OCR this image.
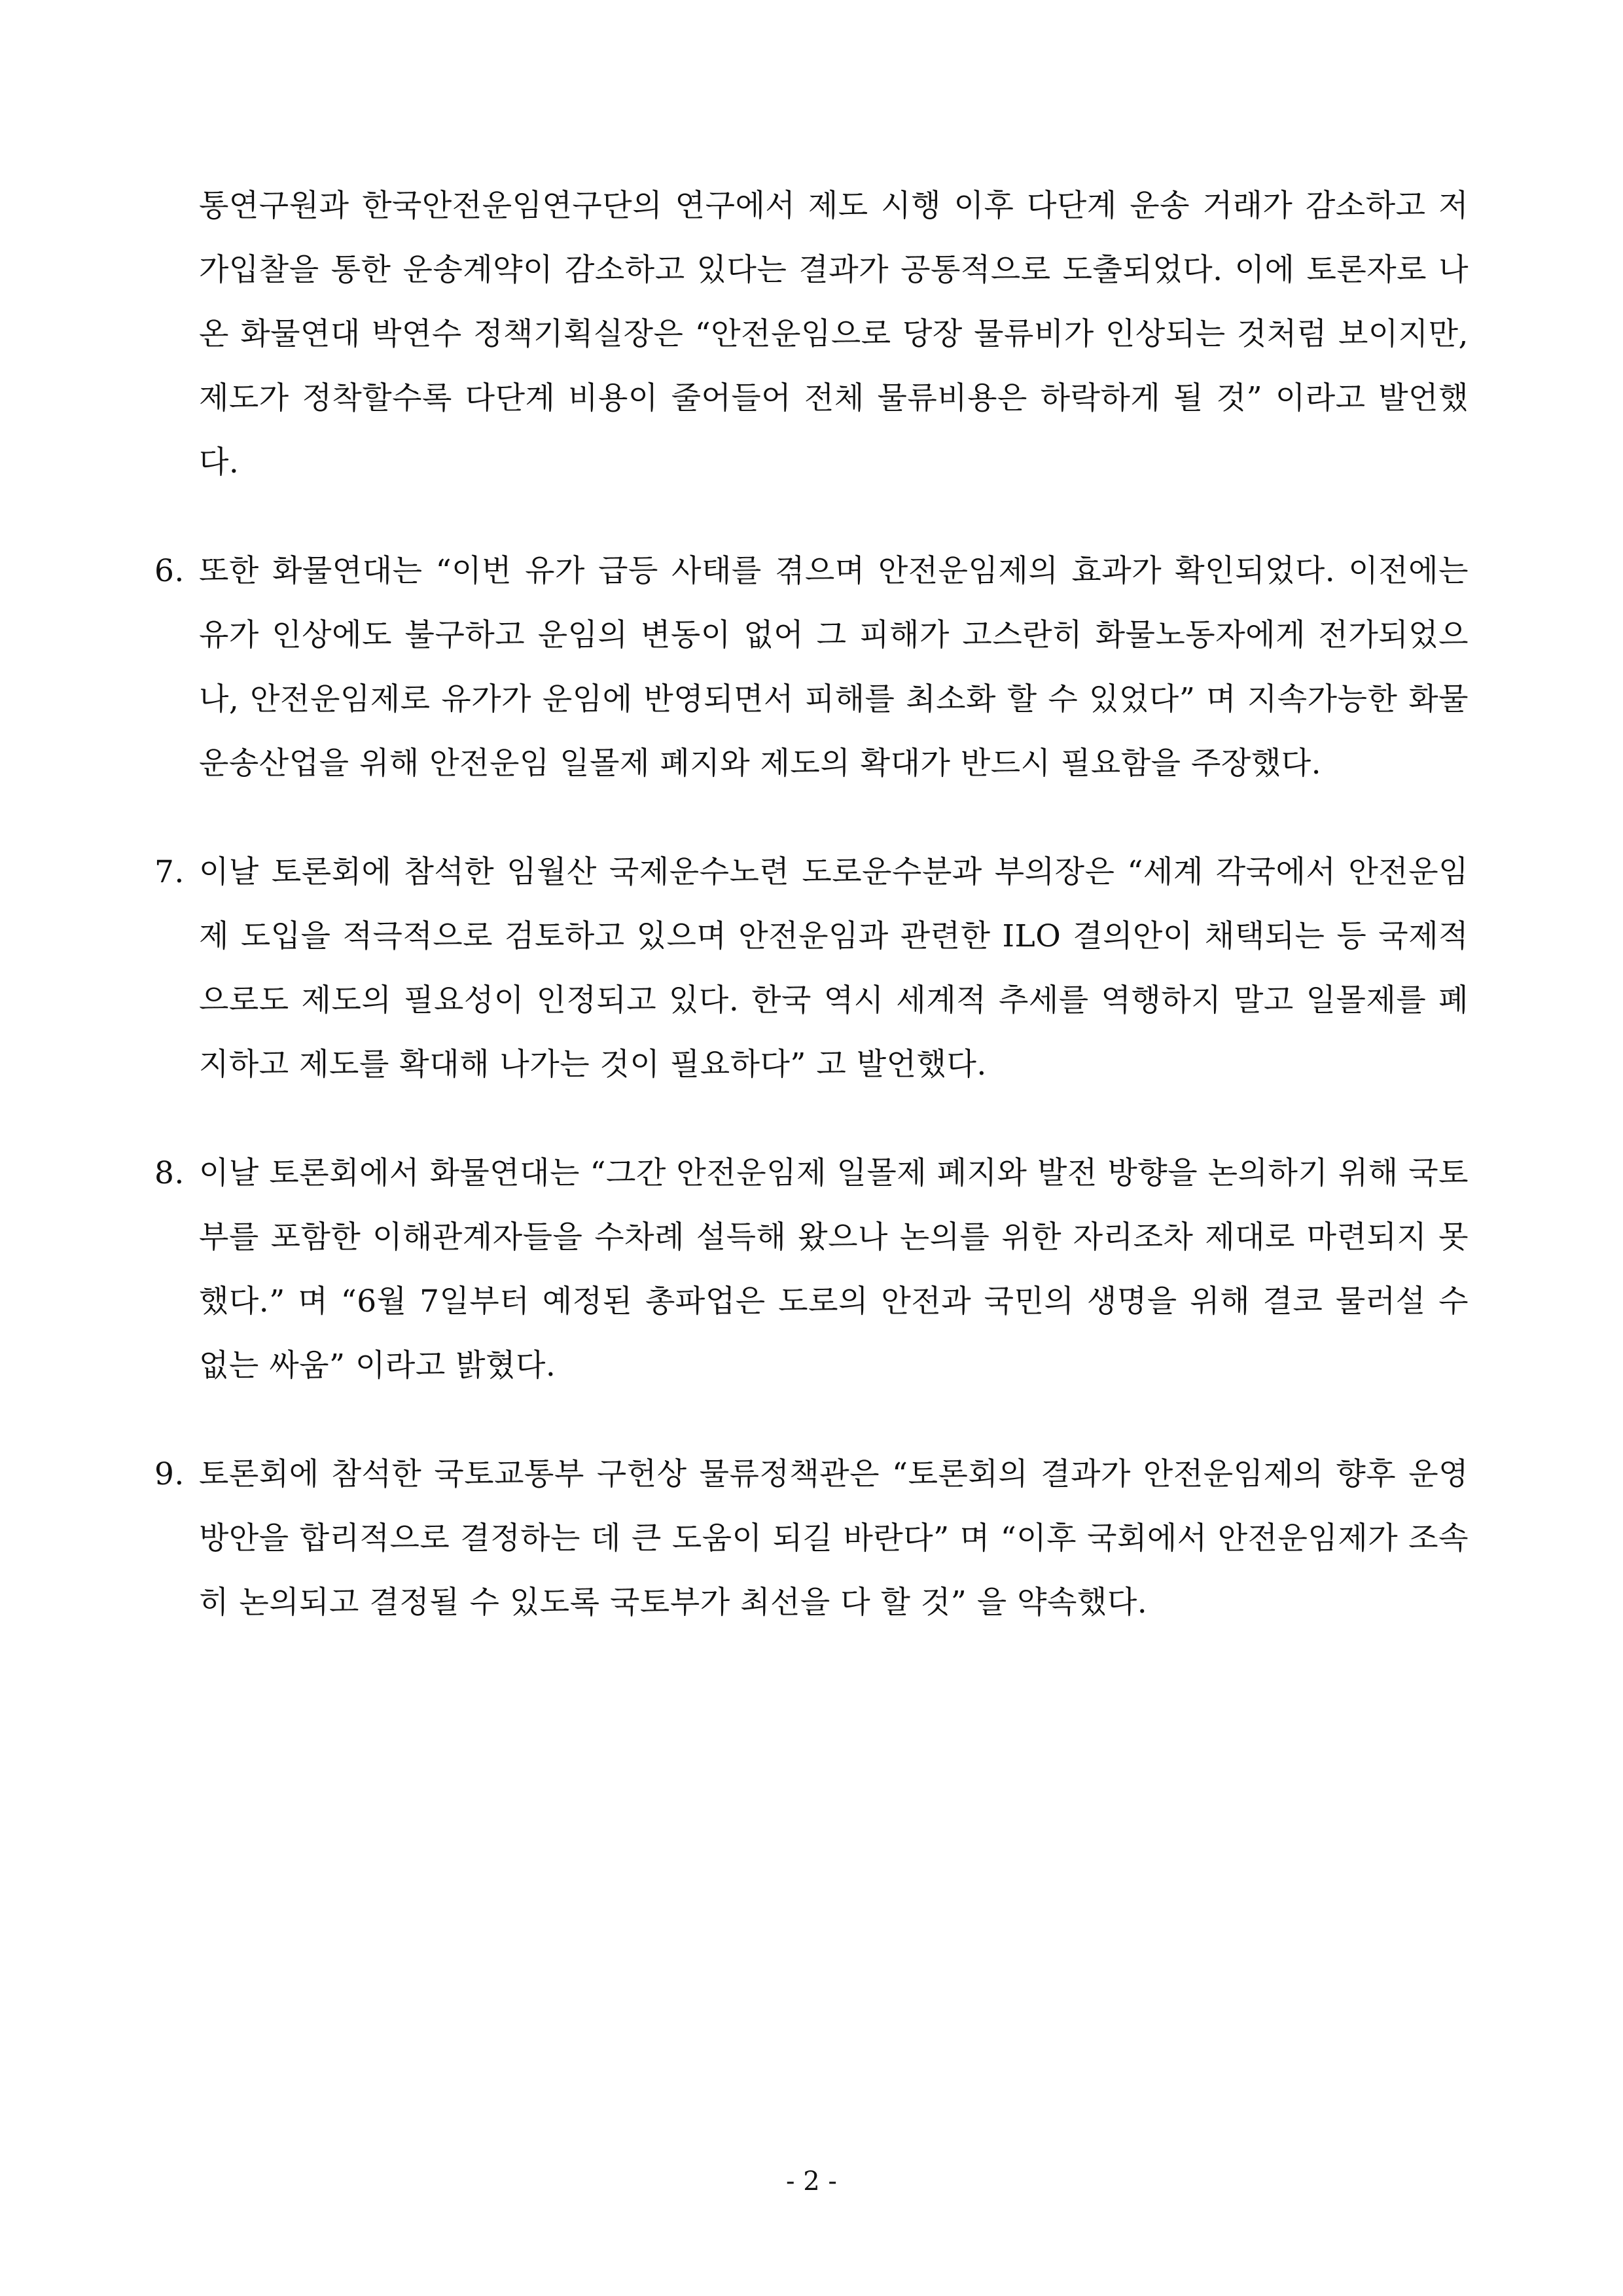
통연구원과 한국안전운임연구단의 연구에서 제도 시행 이후 다단계 운송 거래가 감소하고 저가입찰을 통한 운송계약이 감소하고 있다는 결과가 공통적으로 도출되었다. 이에 토론자로 나온 화물연대 박연수 정책기획실장은 “안전운임으로 당장 물류비가 인상되는 것처럼 보이지만, 제도가 정착할수록 다단계 비용이 줄어들어 전체 물류비용은 하락하게 될 것” 이라고 발언했다.
6. 또한 화물연대는 “이번 유가 급등 사태를 겪으며 안전운임제의 효과가 확인되었다. 이전에는 유가 인상에도 불구하고 운임의 변동이 없어 그 피해가 고스란히 화물노동자에게 전가되었으나, 안전운임제로 유가가 운임에 반영되면서 피해를 최소화 할 수 있었다” 며 지속가능한 화물운송산업을 위해 안전운임 일몰제 폐지와 제도의 확대가 반드시 필요함을 주장했다.
7. 이날 토론회에 참석한 임월산 국제운수노련 도로운수분과 부의장은 “세계 각국에서 안전운임제 도입을 적극적으로 검토하고 있으며 안전운임과 관련한 ILO 결의안이 채택되는 등 국제적으로도 제도의 필요성이 인정되고 있다. 한국 역시 세계적 추세를 역행하지 말고 일몰제를 폐지하고 제도를 확대해 나가는 것이 필요하다” 고 발언했다.
8. 이날 토론회에서 화물연대는 “그간 안전운임제 일몰제 폐지와 발전 방향을 논의하기 위해 국토부를 포함한 이해관계자들을 수차례 설득해 왔으나 논의를 위한 자리조차 제대로 마련되지 못했다.” 며 “6월 7일부터 예정된 총파업은 도로의 안전과 국민의 생명을 위해 결코 물러설 수 없는 싸움” 이라고 밝혔다.
9. 토론회에 참석한 국토교통부 구헌상 물류정책관은 “토론회의 결과가 안전운임제의 향후 운영방안을 합리적으로 결정하는 데 큰 도움이 되길 바란다” 며 “이후 국회에서 안전운임제가 조속히 논의되고 결정될 수 있도록 국토부가 최선을 다 할 것” 을 약속했다.
- 2 -
